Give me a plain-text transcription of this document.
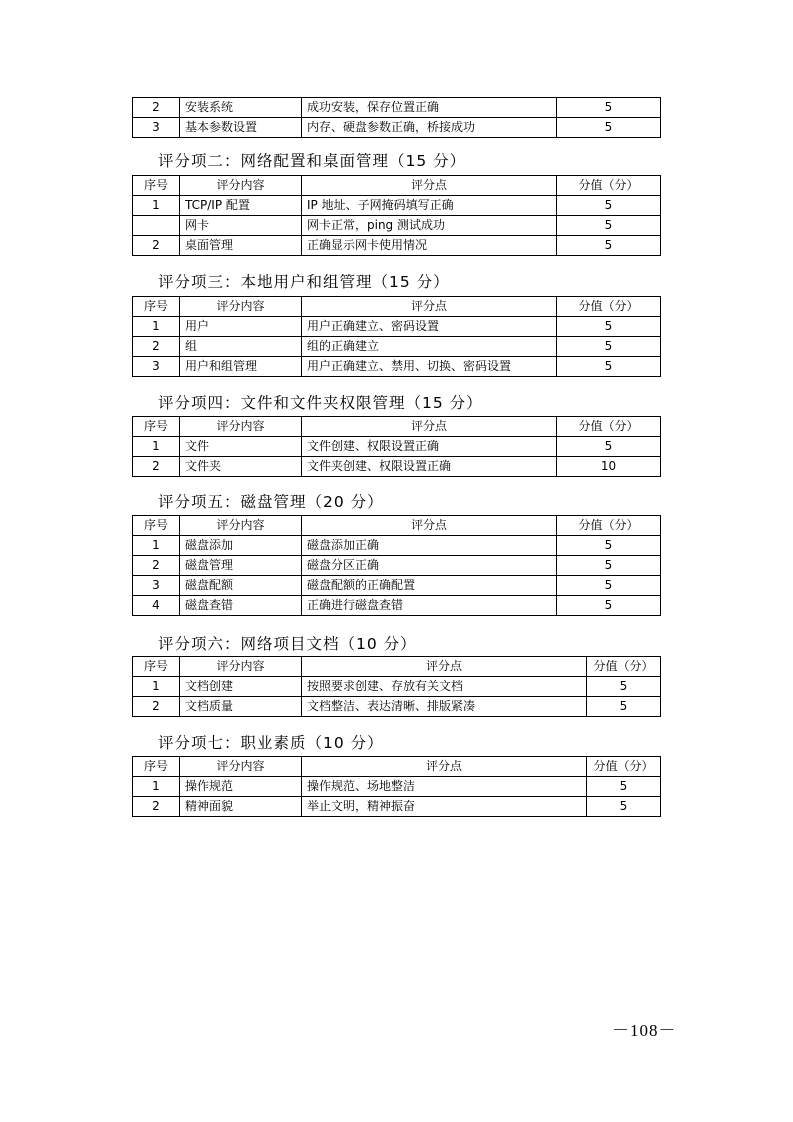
2	安装系统	成功安装，保存位置正确	5
3	基本参数设置	内存、硬盘参数正确，桥接成功	5
评分项二：网络配置和桌面管理（15 分）
序号	评分内容	评分点	分值（分）
1	TCP/IP 配置	IP 地址、子网掩码填写正确	5
	网卡	网卡正常，ping 测试成功	5
2	桌面管理	正确显示网卡使用情况	5
评分项三：本地用户和组管理（15 分）
序号	评分内容	评分点	分值（分）
1	用户	用户正确建立、密码设置	5
2	组	组的正确建立	5
3	用户和组管理	用户正确建立、禁用、切换、密码设置	5
评分项四：文件和文件夹权限管理（15 分）
序号	评分内容	评分点	分值（分）
1	文件	文件创建、权限设置正确	5
2	文件夹	文件夹创建、权限设置正确	10
评分项五：磁盘管理（20 分）
序号	评分内容	评分点	分值（分）
1	磁盘添加	磁盘添加正确	5
2	磁盘管理	磁盘分区正确	5
3	磁盘配额	磁盘配额的正确配置	5
4	磁盘查错	正确进行磁盘查错	5
评分项六：网络项目文档（10 分）
序号	评分内容	评分点	分值（分）
1	文档创建	按照要求创建、存放有关文档	5
2	文档质量	文档整洁、表达清晰、排版紧凑	5
评分项七：职业素质（10 分）
序号	评分内容	评分点	分值（分）
1	操作规范	操作规范、场地整洁	5
2	精神面貌	举止文明，精神振奋	5
－108－
